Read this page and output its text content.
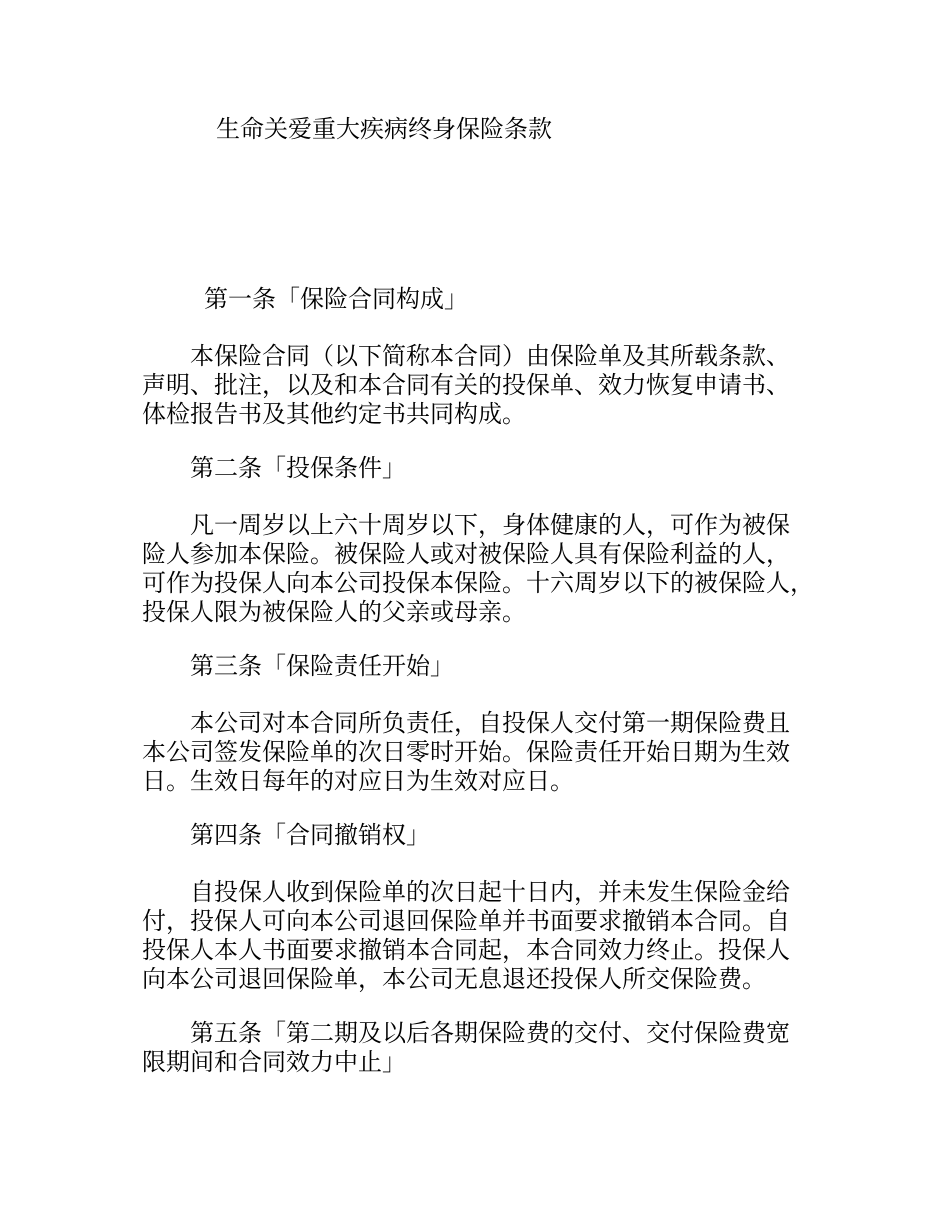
生命关爱重大疾病终身保险条款
第一条「保险合同构成」

　　本保险合同（以下简称本合同）由保险单及其所载条款、
声明、批注，以及和本合同有关的投保单、效力恢复申请书、
体检报告书及其他约定书共同构成。

第二条「投保条件」

　　凡一周岁以上六十周岁以下，身体健康的人，可作为被保
险人参加本保险。被保险人或对被保险人具有保险利益的人，
可作为投保人向本公司投保本保险。十六周岁以下的被保险人，
投保人限为被保险人的父亲或母亲。

第三条「保险责任开始」

　　本公司对本合同所负责任，自投保人交付第一期保险费且
本公司签发保险单的次日零时开始。保险责任开始日期为生效
日。生效日每年的对应日为生效对应日。

第四条「合同撤销权」

　　自投保人收到保险单的次日起十日内，并未发生保险金给
付，投保人可向本公司退回保险单并书面要求撤销本合同。自
投保人本人书面要求撤销本合同起，本合同效力终止。投保人
向本公司退回保险单，本公司无息退还投保人所交保险费。

　　第五条「第二期及以后各期保险费的交付、交付保险费宽
限期间和合同效力中止」
